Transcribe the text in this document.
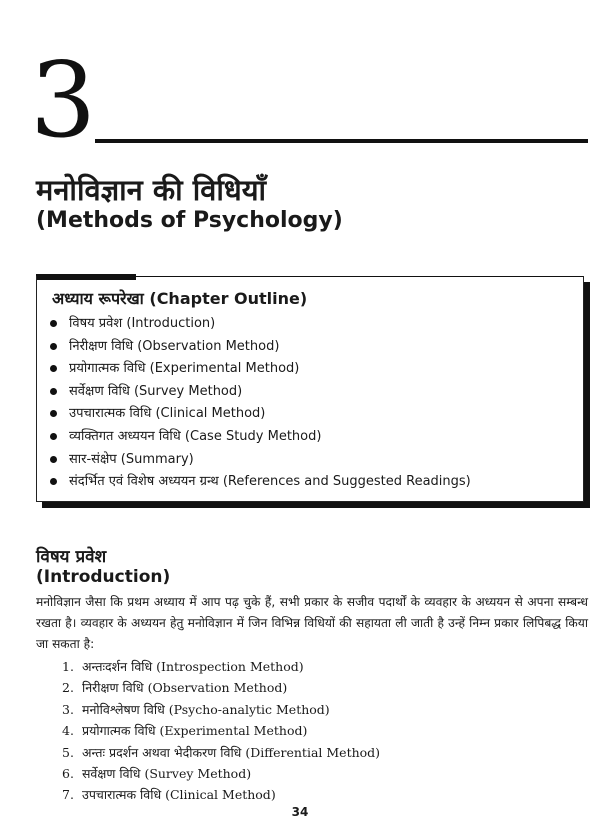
3
मनोविज्ञान की विधियाँ
(Methods of Psychology)
अध्याय रूपरेखा (Chapter Outline)
विषय प्रवेश (Introduction)
निरीक्षण विधि (Observation Method)
प्रयोगात्मक विधि (Experimental Method)
सर्वेक्षण विधि (Survey Method)
उपचारात्मक विधि (Clinical Method)
व्यक्तिगत अध्ययन विधि (Case Study Method)
सार-संक्षेप (Summary)
संदर्भित एवं विशेष अध्ययन ग्रन्थ (References and Suggested Readings)
विषय प्रवेश
(Introduction)
मनोविज्ञान जैसा कि प्रथम अध्याय में आप पढ़ चुके हैं, सभी प्रकार के सजीव पदार्थों के व्यवहार के अध्ययन से अपना सम्बन्ध रखता है। व्यवहार के अध्ययन हेतु मनोविज्ञान में जिन विभिन्न विधियों की सहायता ली जाती है उन्हें निम्न प्रकार लिपिबद्ध किया जा सकता है:
1. अन्तःदर्शन विधि (Introspection Method)
2. निरीक्षण विधि (Observation Method)
3. मनोविश्लेषण विधि (Psycho-analytic Method)
4. प्रयोगात्मक विधि (Experimental Method)
5. अन्तः प्रदर्शन अथवा भेदीकरण विधि (Differential Method)
6. सर्वेक्षण विधि (Survey Method)
7. उपचारात्मक विधि (Clinical Method)
34
